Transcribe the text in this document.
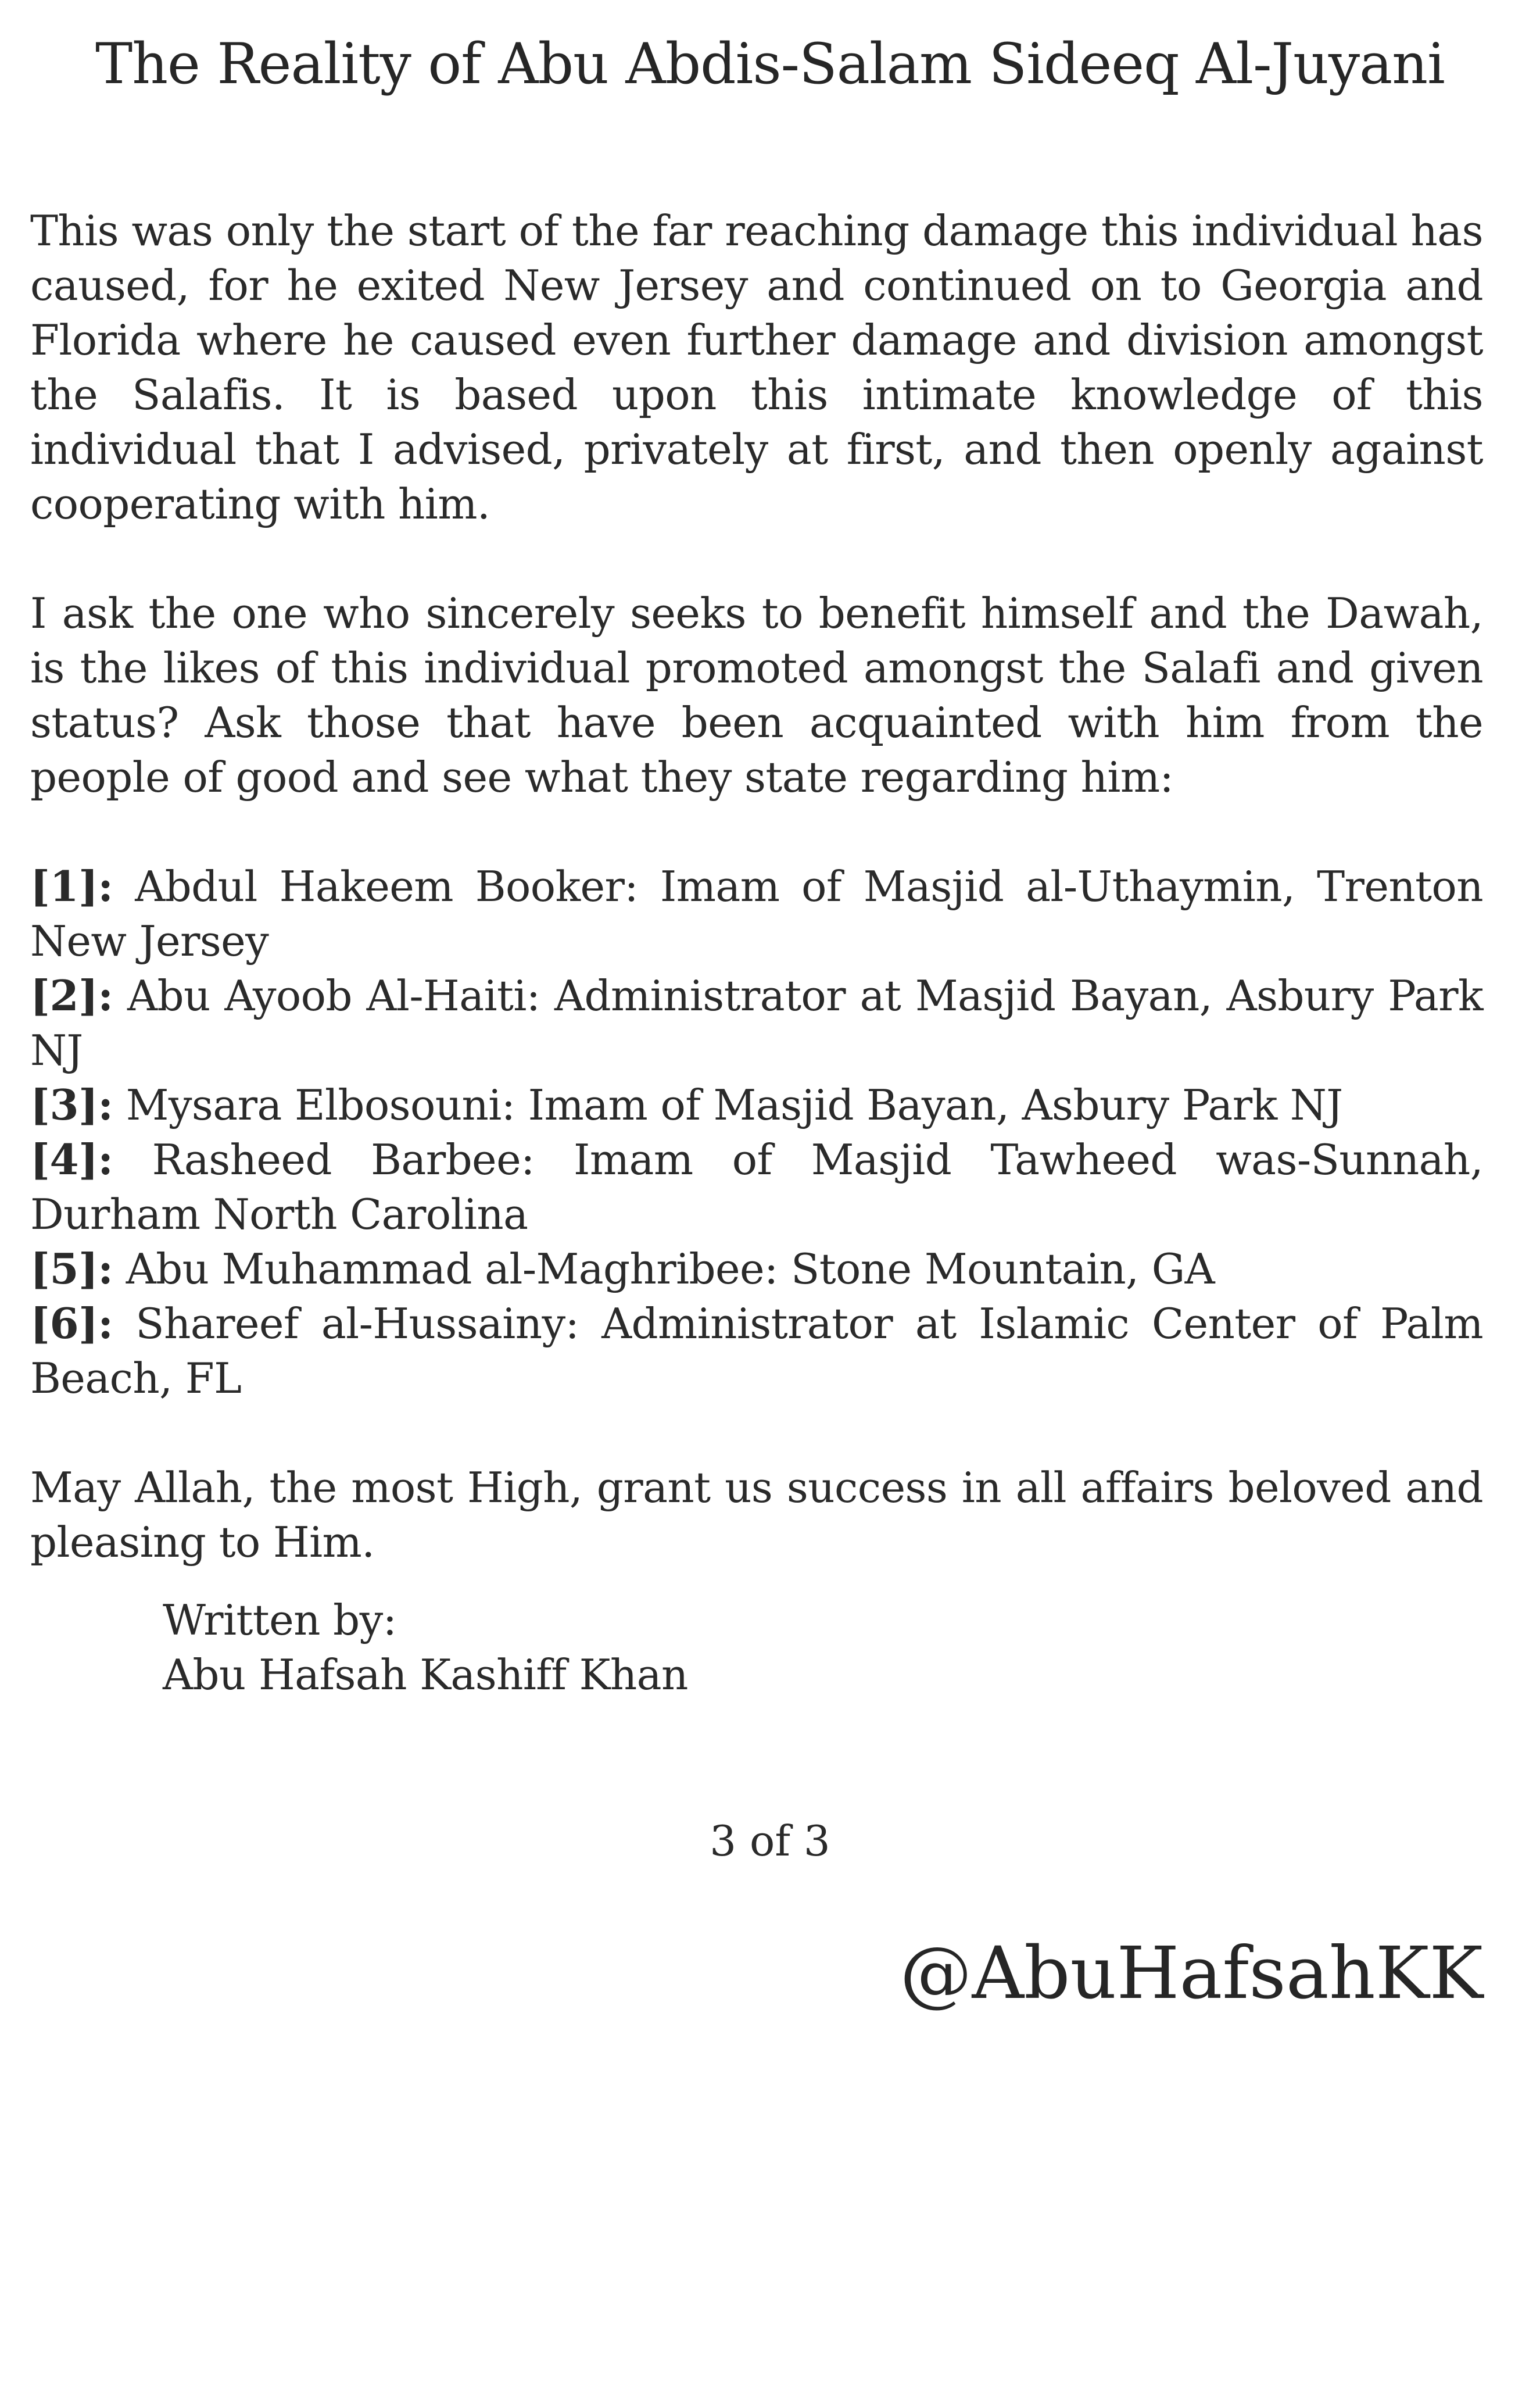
The Reality of Abu Abdis-Salam Sideeq Al-Juyani

This was only the start of the far reaching damage this individual has caused, for he exited New Jersey and continued on to Georgia and Florida where he caused even further damage and division amongst the Salafis. It is based upon this intimate knowledge of this individual that I advised, privately at first, and then openly against cooperating with him.

I ask the one who sincerely seeks to benefit himself and the Dawah, is the likes of this individual promoted amongst the Salafi and given status? Ask those that have been acquainted with him from the people of good and see what they state regarding him:

[1]: Abdul Hakeem Booker: Imam of Masjid al-Uthaymin, Trenton New Jersey
[2]: Abu Ayoob Al-Haiti: Administrator at Masjid Bayan, Asbury Park NJ
[3]: Mysara Elbosouni: Imam of Masjid Bayan, Asbury Park NJ
[4]: Rasheed Barbee: Imam of Masjid Tawheed was-Sunnah, Durham North Carolina
[5]: Abu Muhammad al-Maghribee: Stone Mountain, GA
[6]: Shareef al-Hussainy: Administrator at Islamic Center of Palm Beach, FL

May Allah, the most High, grant us success in all affairs beloved and pleasing to Him.

Written by:
Abu Hafsah Kashiff Khan
3 of 3
@AbuHafsahKK
